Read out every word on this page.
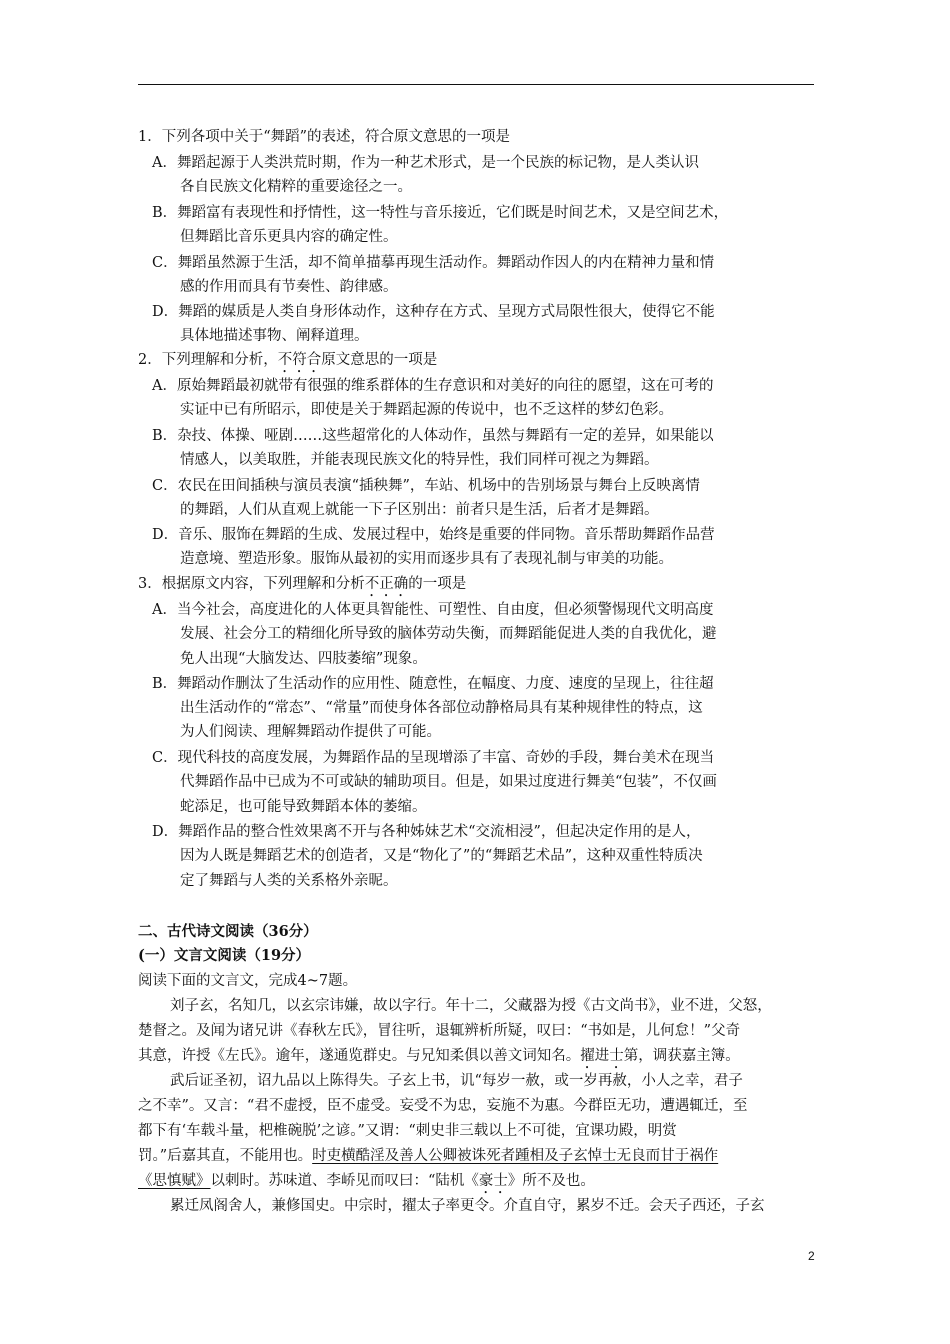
1．下列各项中关于“舞蹈”的表述，符合原文意思的一项是
A．舞蹈起源于人类洪荒时期，作为一种艺术形式，是一个民族的标记物，是人类认识
各自民族文化精粹的重要途径之一。
B．舞蹈富有表现性和抒情性，这一特性与音乐接近，它们既是时间艺术，又是空间艺术，
但舞蹈比音乐更具内容的确定性。
C．舞蹈虽然源于生活，却不简单描摹再现生活动作。舞蹈动作因人的内在精神力量和情
感的作用而具有节奏性、韵律感。
D．舞蹈的媒质是人类自身形体动作，这种存在方式、呈现方式局限性很大，使得它不能
具体地描述事物、阐释道理。
2．下列理解和分析，不符合原文意思的一项是
A．原始舞蹈最初就带有很强的维系群体的生存意识和对美好的向往的愿望，这在可考的
实证中已有所昭示，即使是关于舞蹈起源的传说中，也不乏这样的梦幻色彩。
B．杂技、体操、哑剧……这些超常化的人体动作，虽然与舞蹈有一定的差异，如果能以
情感人，以美取胜，并能表现民族文化的特异性，我们同样可视之为舞蹈。
C．农民在田间插秧与演员表演“插秧舞”，车站、机场中的告别场景与舞台上反映离情
的舞蹈，人们从直观上就能一下子区别出：前者只是生活，后者才是舞蹈。
D．音乐、服饰在舞蹈的生成、发展过程中，始终是重要的伴同物。音乐帮助舞蹈作品营
造意境、塑造形象。服饰从最初的实用而逐步具有了表现礼制与审美的功能。
3．根据原文内容，下列理解和分析不正确的一项是
A．当今社会，高度进化的人体更具智能性、可塑性、自由度，但必须警惕现代文明高度
发展、社会分工的精细化所导致的脑体劳动失衡，而舞蹈能促进人类的自我优化，避
免人出现“大脑发达、四肢萎缩”现象。
B．舞蹈动作删汰了生活动作的应用性、随意性，在幅度、力度、速度的呈现上，往往超
出生活动作的“常态”、“常量”而使身体各部位动静格局具有某种规律性的特点，这
为人们阅读、理解舞蹈动作提供了可能。
C．现代科技的高度发展，为舞蹈作品的呈现增添了丰富、奇妙的手段，舞台美术在现当
代舞蹈作品中已成为不可或缺的辅助项目。但是，如果过度进行舞美“包装”，不仅画
蛇添足，也可能导致舞蹈本体的萎缩。
D．舞蹈作品的整合性效果离不开与各种姊妹艺术“交流相浸”，但起决定作用的是人，
因为人既是舞蹈艺术的创造者，又是“物化了”的“舞蹈艺术品”，这种双重性特质决
定了舞蹈与人类的关系格外亲昵。
二、古代诗文阅读（36分）
(一）文言文阅读（19分）
阅读下面的文言文，完成4~7题。
刘子玄，名知几，以玄宗讳嫌，故以字行。年十二，父藏器为授《古文尚书》，业不进，父怒，
楚督之。及闻为诸兄讲《春秋左氏》，冒往听，退辄辨析所疑，叹曰：“书如是，儿何怠！”父奇
其意，许授《左氏》。逾年，遂通览群史。与兄知柔俱以善文词知名。擢进士第，调获嘉主簿。
武后证圣初，诏九品以上陈得失。子玄上书，讥“每岁一赦，或一岁再赦，小人之幸，君子
之不幸”。又言：“君不虚授，臣不虚受。妄受不为忠，妄施不为惠。今群臣无功，遭遇辄迁，至
都下有‘车载斗量，杷椎碗脱’之谚。”又谓：“刺史非三载以上不可徙，宜课功殿，明赏
罚。”后嘉其直，不能用也。时吏横酷淫及善人公卿被诛死者踵相及子玄悼士无良而甘于祸作
《思慎赋》以刺时。苏味道、李峤见而叹曰：“陆机《豪士》所不及也。
累迁凤阁舍人，兼修国史。中宗时，擢太子率更令。介直自守，累岁不迁。会天子西还，子玄
2
